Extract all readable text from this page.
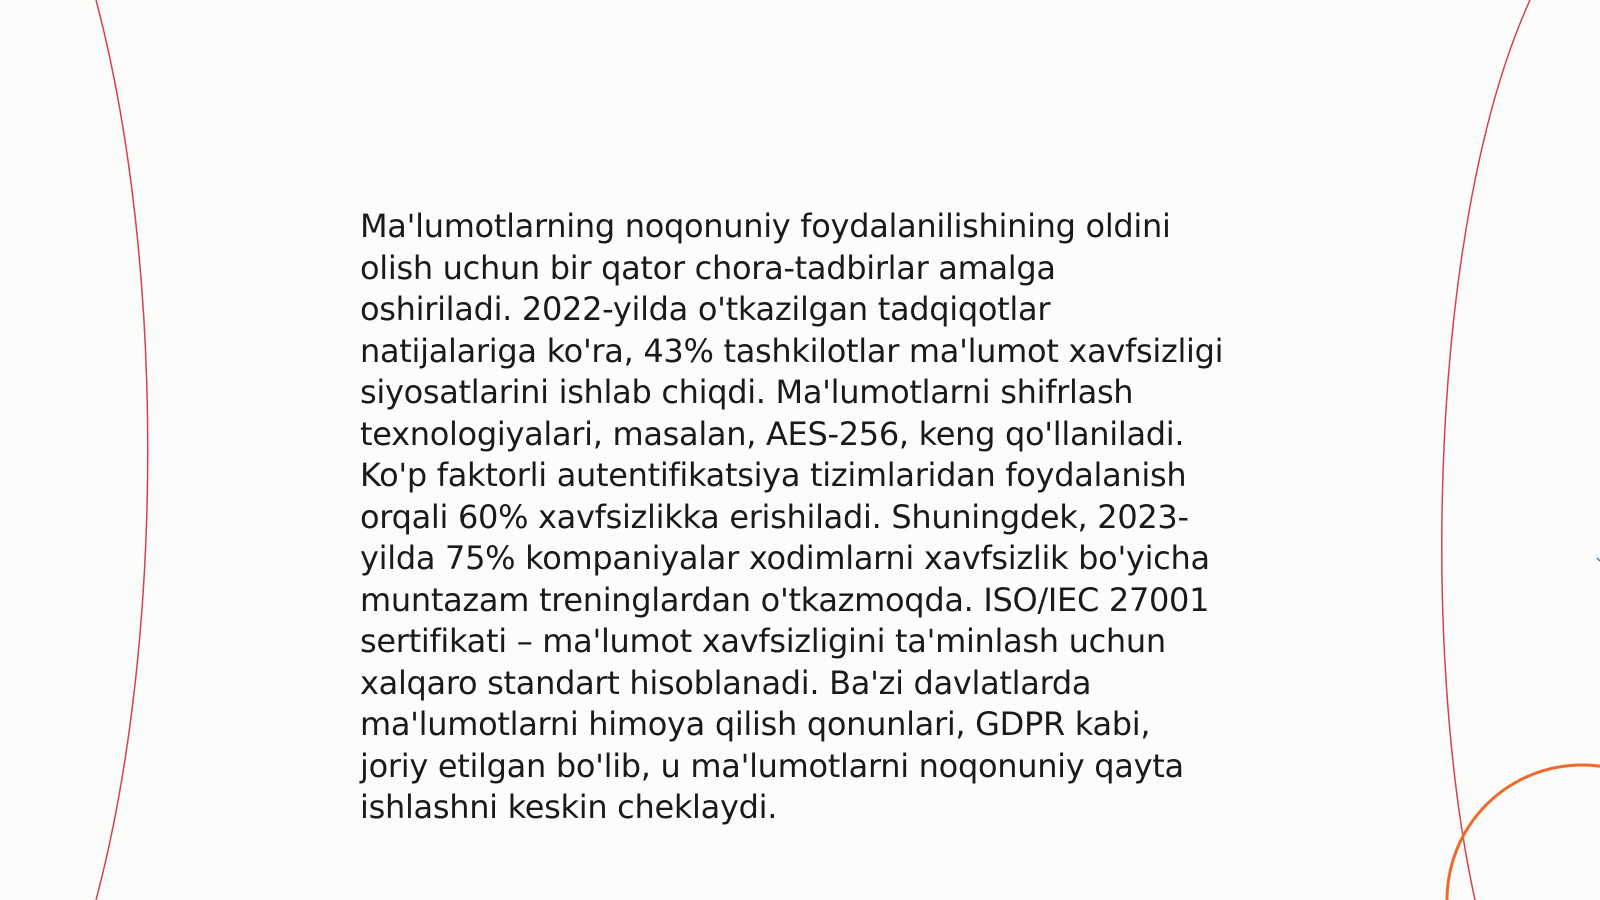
Ma'lumotlarning noqonuniy foydalanilishining oldini
olish uchun bir qator chora-tadbirlar amalga
oshiriladi. 2022-yilda o'tkazilgan tadqiqotlar
natijalariga ko'ra, 43% tashkilotlar ma'lumot xavfsizligi
siyosatlarini ishlab chiqdi. Ma'lumotlarni shifrlash
texnologiyalari, masalan, AES-256, keng qo'llaniladi.
Ko'p faktorli autentifikatsiya tizimlaridan foydalanish
orqali 60% xavfsizlikka erishiladi. Shuningdek, 2023-
yilda 75% kompaniyalar xodimlarni xavfsizlik bo'yicha
muntazam treninglardan o'tkazmoqda. ISO/IEC 27001
sertifikati – ma'lumot xavfsizligini ta'minlash uchun
xalqaro standart hisoblanadi. Ba'zi davlatlarda
ma'lumotlarni himoya qilish qonunlari, GDPR kabi,
joriy etilgan bo'lib, u ma'lumotlarni noqonuniy qayta
ishlashni keskin cheklaydi.
